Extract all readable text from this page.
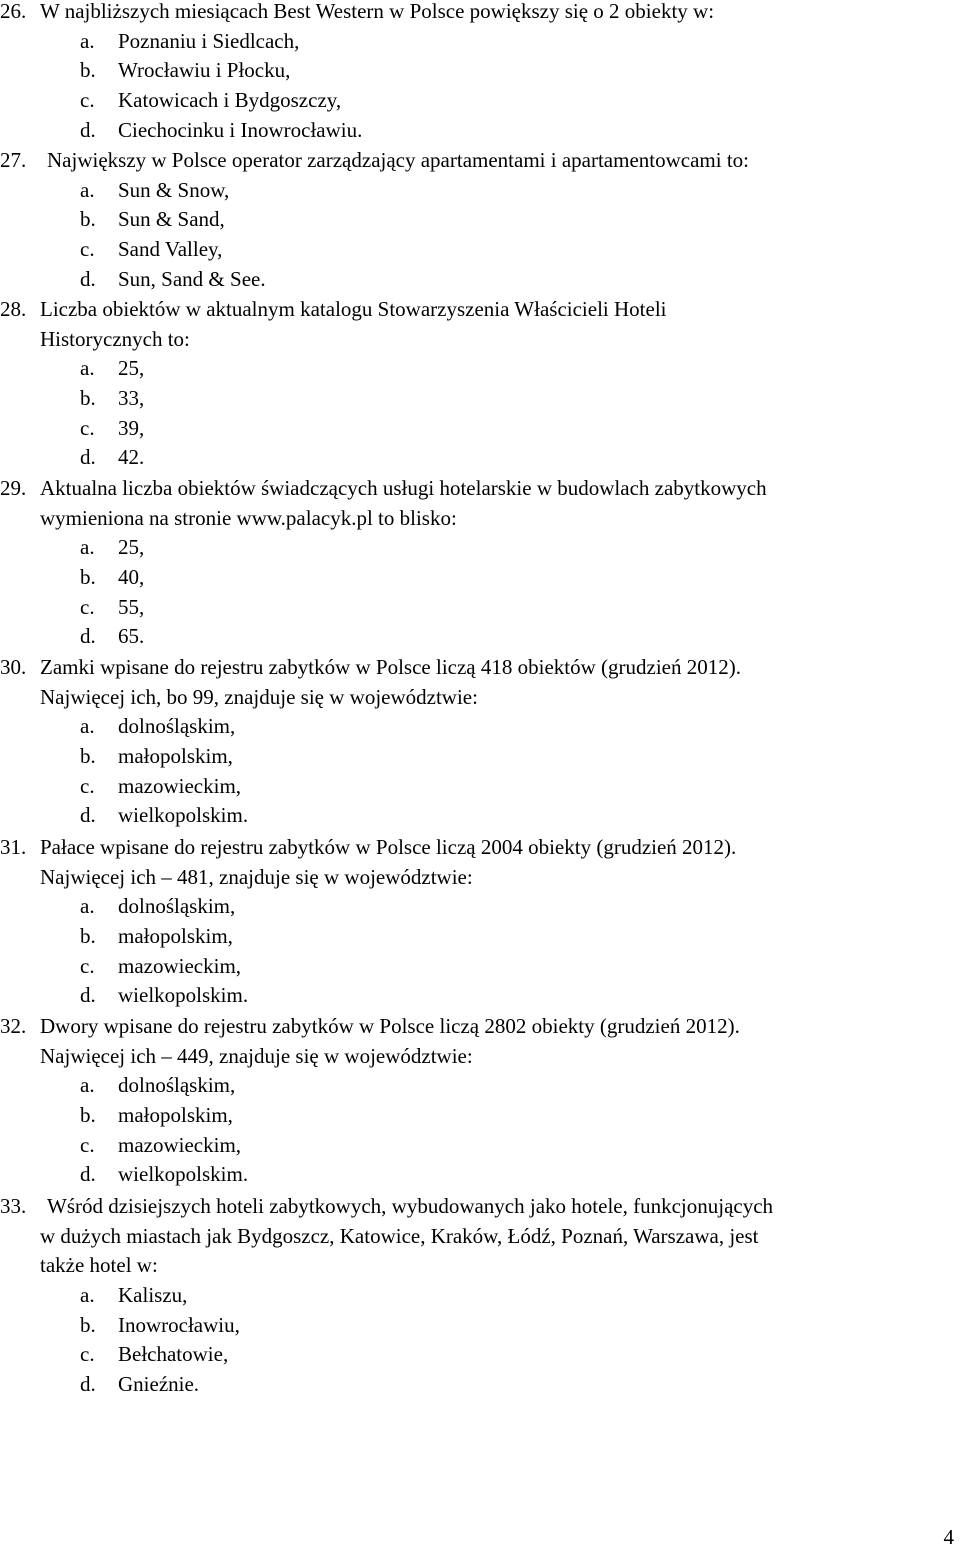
26. W najbliższych miesiącach Best Western w Polsce powiększy się o 2 obiekty w:
a. Poznaniu i Siedlcach,
b. Wrocławiu i Płocku,
c. Katowicach i Bydgoszczy,
d. Ciechocinku i Inowrocławiu.
27. Największy w Polsce operator zarządzający apartamentami i apartamentowcami to:
a. Sun & Snow,
b. Sun & Sand,
c. Sand Valley,
d. Sun, Sand & See.
28. Liczba obiektów w aktualnym katalogu Stowarzyszenia Właścicieli Hoteli
Historycznych to:
a. 25,
b. 33,
c. 39,
d. 42.
29. Aktualna liczba obiektów świadczących usługi hotelarskie w budowlach zabytkowych
wymieniona na stronie www.palacyk.pl to blisko:
a. 25,
b. 40,
c. 55,
d. 65.
30. Zamki wpisane do rejestru zabytków w Polsce liczą 418 obiektów (grudzień 2012).
Najwięcej ich, bo 99, znajduje się w województwie:
a. dolnośląskim,
b. małopolskim,
c. mazowieckim,
d. wielkopolskim.
31. Pałace wpisane do rejestru zabytków w Polsce liczą 2004 obiekty (grudzień 2012).
Najwięcej ich – 481, znajduje się w województwie:
a. dolnośląskim,
b. małopolskim,
c. mazowieckim,
d. wielkopolskim.
32. Dwory wpisane do rejestru zabytków w Polsce liczą 2802 obiekty (grudzień 2012).
Najwięcej ich – 449, znajduje się w województwie:
a. dolnośląskim,
b. małopolskim,
c. mazowieckim,
d. wielkopolskim.
33. Wśród dzisiejszych hoteli zabytkowych, wybudowanych jako hotele, funkcjonujących
w dużych miastach jak Bydgoszcz, Katowice, Kraków, Łódź, Poznań, Warszawa, jest
także hotel w:
a. Kaliszu,
b. Inowrocławiu,
c. Bełchatowie,
d. Gnieźnie.
4
